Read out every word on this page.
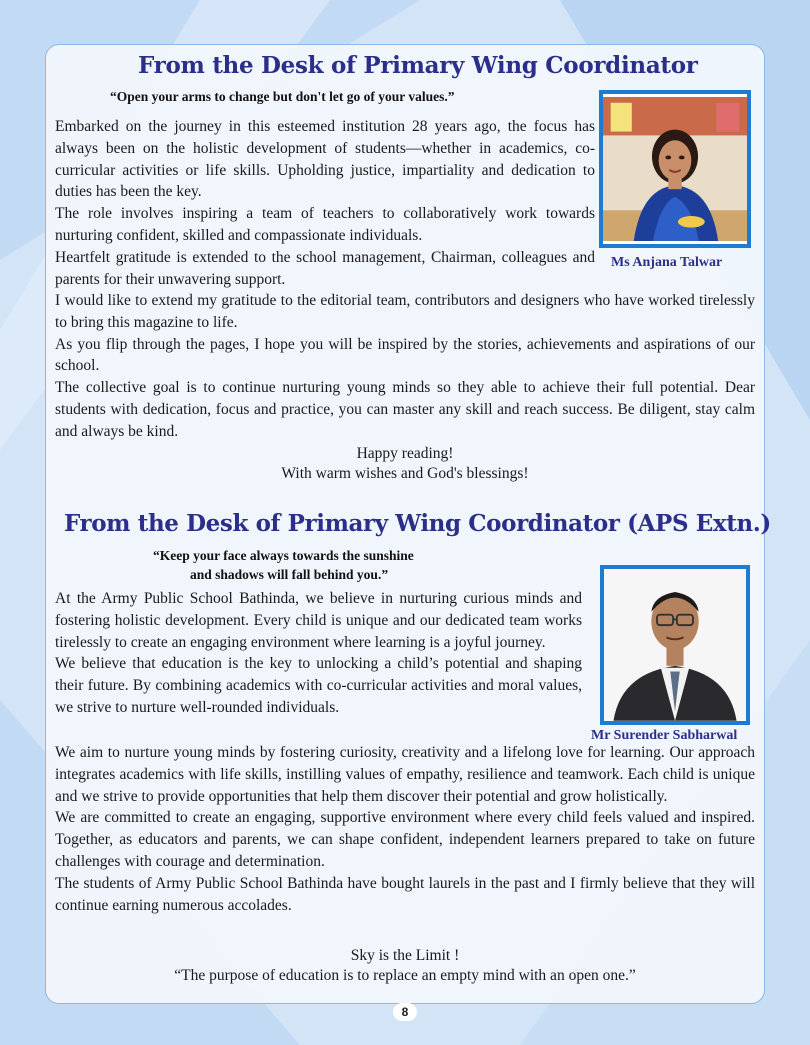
From the Desk of Primary Wing Coordinator
“Open your arms to change but don't let go of your values.”
Ms Anjana Talwar

Embarked on the journey in this esteemed institution 28 years ago, the focus has always been on the holistic development of students—whether in academics, co-curricular activities or life skills. Upholding justice, impartiality and dedication to duties has been the key.

The role involves inspiring a team of teachers to collaboratively work towards nurturing confident, skilled and compassionate individuals.

Heartfelt gratitude is extended to the school management, Chairman, colleagues and parents for their unwavering support.

I would like to extend my gratitude to the editorial team, contributors and designers who have worked tirelessly to bring this magazine to life.

As you flip through the pages, I hope you will be inspired by the stories, achievements and aspirations of our school.

The collective goal is to continue nurturing young minds so they able to achieve their full potential. Dear students with dedication, focus and practice, you can master any skill and reach success. Be diligent, stay calm and always be kind.

Happy reading!
With warm wishes and God's blessings!
From the Desk of Primary Wing Coordinator (APS Extn.)
“Keep your face always towards the sunshine
and shadows will fall behind you.”
Mr Surender Sabharwal

At the Army Public School Bathinda, we believe in nurturing curious minds and fostering holistic development. Every child is unique and our dedicated team works tirelessly to create an engaging environment where learning is a joyful journey.

We believe that education is the key to unlocking a child’s potential and shaping their future. By combining academics with co-curricular activities and moral values, we strive to nurture well-rounded individuals.

We aim to nurture young minds by fostering curiosity, creativity and a lifelong love for learning. Our approach integrates academics with life skills, instilling values of empathy, resilience and teamwork. Each child is unique and we strive to provide opportunities that help them discover their potential and grow holistically.

We are committed to create an engaging, supportive environment where every child feels valued and inspired. Together, as educators and parents, we can shape confident, independent learners prepared to take on future challenges with courage and determination.

The students of Army Public School Bathinda have bought laurels in the past and I firmly believe that they will continue earning numerous accolades.

Sky is the Limit !
“The purpose of education is to replace an empty mind with an open one.”
8
